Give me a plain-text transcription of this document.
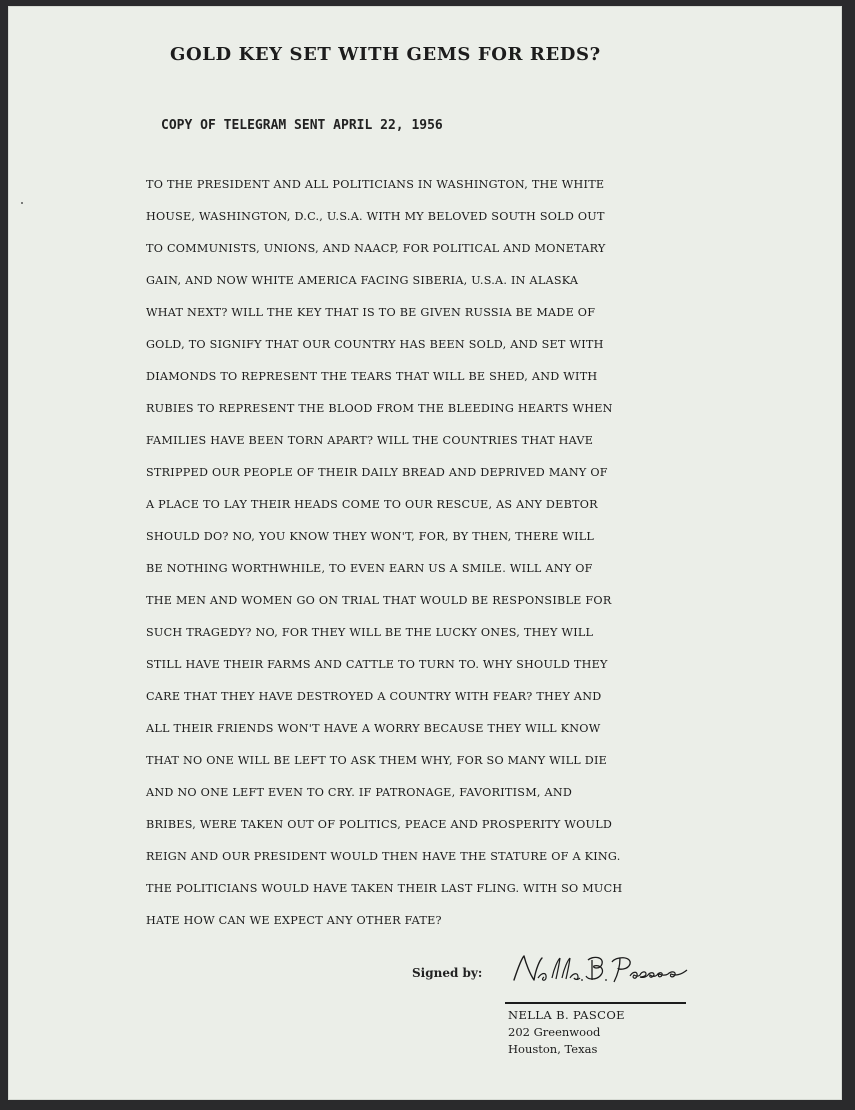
GOLD KEY SET WITH GEMS FOR REDS?
COPY OF TELEGRAM SENT APRIL 22, 1956
TO THE PRESIDENT AND ALL POLITICIANS IN WASHINGTON, THE WHITE
HOUSE, WASHINGTON, D.C., U.S.A. WITH MY BELOVED SOUTH SOLD OUT
TO COMMUNISTS, UNIONS, AND NAACP, FOR POLITICAL AND MONETARY
GAIN, AND NOW WHITE AMERICA FACING SIBERIA, U.S.A. IN ALASKA
WHAT NEXT? WILL THE KEY THAT IS TO BE GIVEN RUSSIA BE MADE OF
GOLD, TO SIGNIFY THAT OUR COUNTRY HAS BEEN SOLD, AND SET WITH
DIAMONDS TO REPRESENT THE TEARS THAT WILL BE SHED, AND WITH
RUBIES TO REPRESENT THE BLOOD FROM THE BLEEDING HEARTS WHEN
FAMILIES HAVE BEEN TORN APART? WILL THE COUNTRIES THAT HAVE
STRIPPED OUR PEOPLE OF THEIR DAILY BREAD AND DEPRIVED MANY OF
A PLACE TO LAY THEIR HEADS COME TO OUR RESCUE, AS ANY DEBTOR
SHOULD DO? NO, YOU KNOW THEY WON'T, FOR, BY THEN, THERE WILL
BE NOTHING WORTHWHILE, TO EVEN EARN US A SMILE. WILL ANY OF
THE MEN AND WOMEN GO ON TRIAL THAT WOULD BE RESPONSIBLE FOR
SUCH TRAGEDY? NO, FOR THEY WILL BE THE LUCKY ONES, THEY WILL
STILL HAVE THEIR FARMS AND CATTLE TO TURN TO. WHY SHOULD THEY
CARE THAT THEY HAVE DESTROYED A COUNTRY WITH FEAR? THEY AND
ALL THEIR FRIENDS WON'T HAVE A WORRY BECAUSE THEY WILL KNOW
THAT NO ONE WILL BE LEFT TO ASK THEM WHY, FOR SO MANY WILL DIE
AND NO ONE LEFT EVEN TO CRY. IF PATRONAGE, FAVORITISM, AND
BRIBES, WERE TAKEN OUT OF POLITICS, PEACE AND PROSPERITY WOULD
REIGN AND OUR PRESIDENT WOULD THEN HAVE THE STATURE OF A KING.
THE POLITICIANS WOULD HAVE TAKEN THEIR LAST FLING. WITH SO MUCH
HATE HOW CAN WE EXPECT ANY OTHER FATE?
Signed by:
NELLA B. PASCOE
202 Greenwood
Houston, Texas
